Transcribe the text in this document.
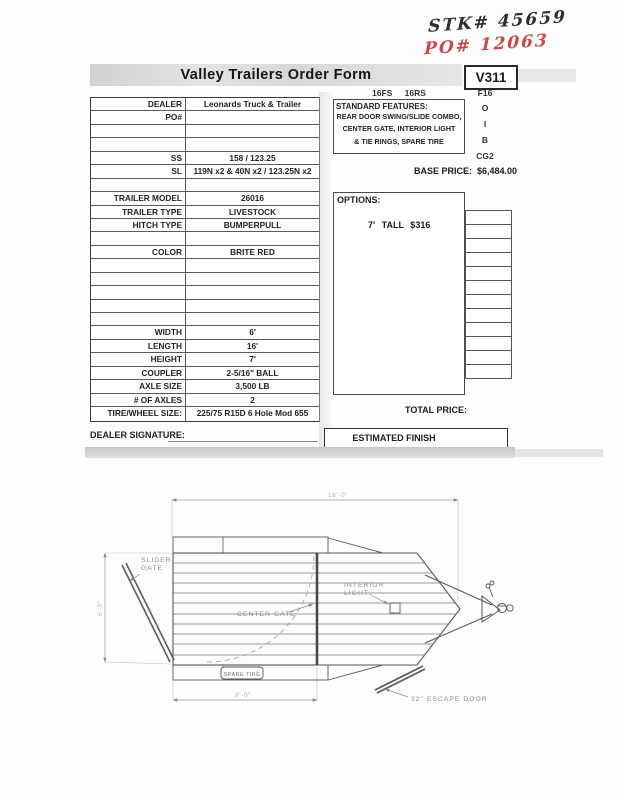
STK# 45659
PO# 12063
Valley Trailers Order Form	V311
16FS 16RS	F16
O
I
B
CG2
DEALER	Leonards Truck & Trailer
PO#
SS	158 / 123.25
SL	119N x2 & 40N x2 / 123.25N x2
TRAILER MODEL	26016
TRAILER TYPE	LIVESTOCK
HITCH TYPE	BUMPERPULL
COLOR	BRITE RED
WIDTH	6'
LENGTH	16'
HEIGHT	7'
COUPLER	2-5/16" BALL
AXLE SIZE	3,500 LB
# OF AXLES	2
TIRE/WHEEL SIZE:	225/75 R15D 6 Hole Mod 655
DEALER SIGNATURE:
STANDARD FEATURES:
REAR DOOR SWING/SLIDE COMBO,
CENTER GATE, INTERIOR LIGHT
& TIE RINGS, SPARE TIRE
BASE PRICE: $6,484.00
OPTIONS:
7' TALL $316
TOTAL PRICE:
ESTIMATED FINISH
16'-0"
6'-0"
8'-0"
SLIDER
GATE
CENTER GATE
INTERIOR
LIGHT
SPARE TIRE
32" ESCAPE DOOR
